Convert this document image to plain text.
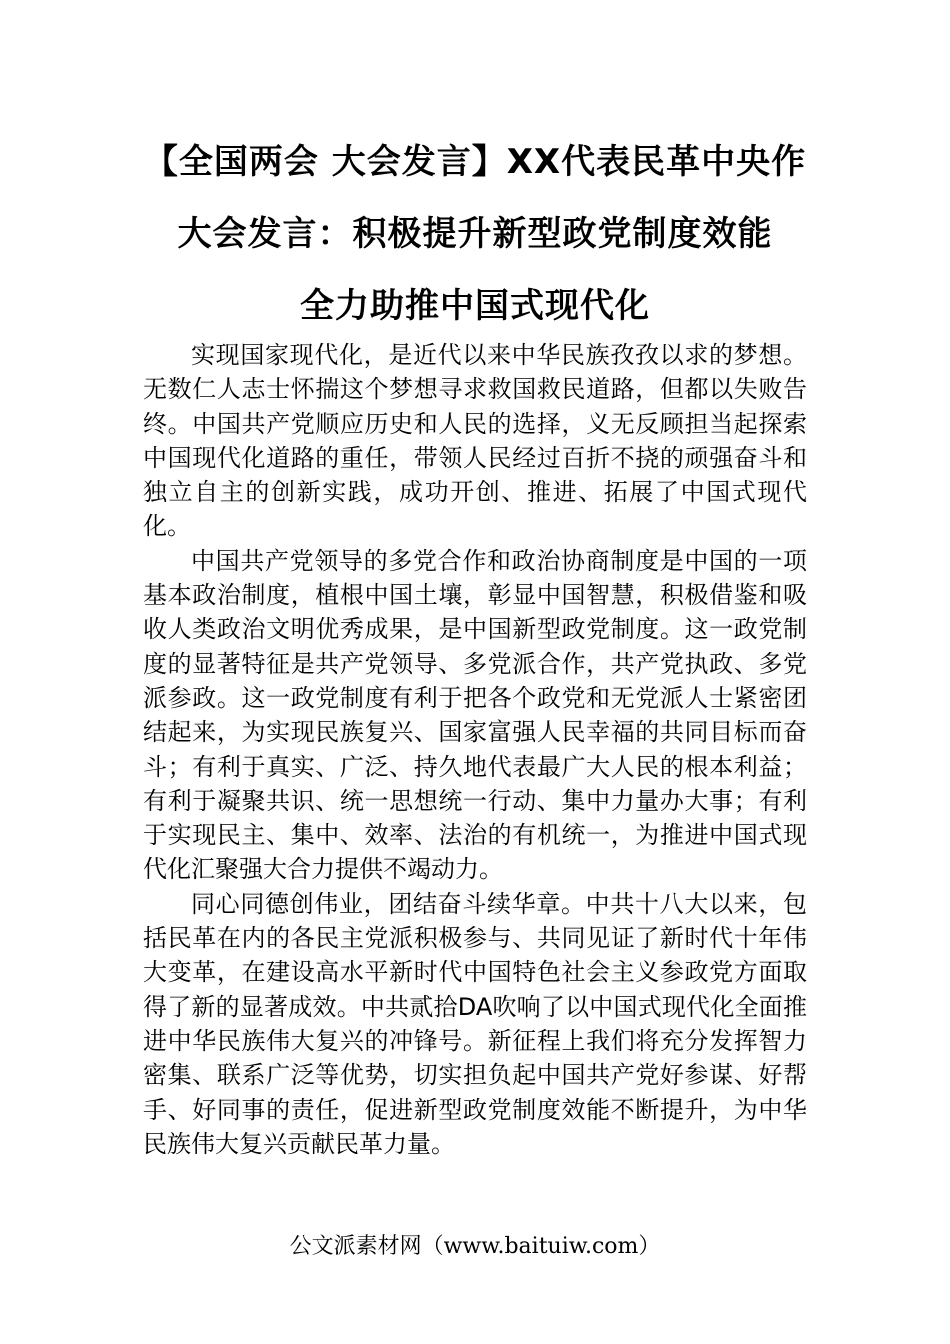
【全国两会 大会发言】XX代表民革中央作
大会发言：积极提升新型政党制度效能
全力助推中国式现代化

实现国家现代化，是近代以来中华民族孜孜以求的梦想。无数仁人志士怀揣这个梦想寻求救国救民道路，但都以失败告终。中国共产党顺应历史和人民的选择，义无反顾担当起探索中国现代化道路的重任，带领人民经过百折不挠的顽强奋斗和独立自主的创新实践，成功开创、推进、拓展了中国式现代化。

中国共产党领导的多党合作和政治协商制度是中国的一项基本政治制度，植根中国土壤，彰显中国智慧，积极借鉴和吸收人类政治文明优秀成果，是中国新型政党制度。这一政党制度的显著特征是共产党领导、多党派合作，共产党执政、多党派参政。这一政党制度有利于把各个政党和无党派人士紧密团结起来，为实现民族复兴、国家富强人民幸福的共同目标而奋斗；有利于真实、广泛、持久地代表最广大人民的根本利益；有利于凝聚共识、统一思想统一行动、集中力量办大事；有利于实现民主、集中、效率、法治的有机统一，为推进中国式现代化汇聚强大合力提供不竭动力。

同心同德创伟业，团结奋斗续华章。中共十八大以来，包括民革在内的各民主党派积极参与、共同见证了新时代十年伟大变革，在建设高水平新时代中国特色社会主义参政党方面取得了新的显著成效。中共贰拾DA吹响了以中国式现代化全面推进中华民族伟大复兴的冲锋号。新征程上我们将充分发挥智力密集、联系广泛等优势，切实担负起中国共产党好参谋、好帮手、好同事的责任，促进新型政党制度效能不断提升，为中华民族伟大复兴贡献民革力量。

公文派素材网（www.baituiw.com）
